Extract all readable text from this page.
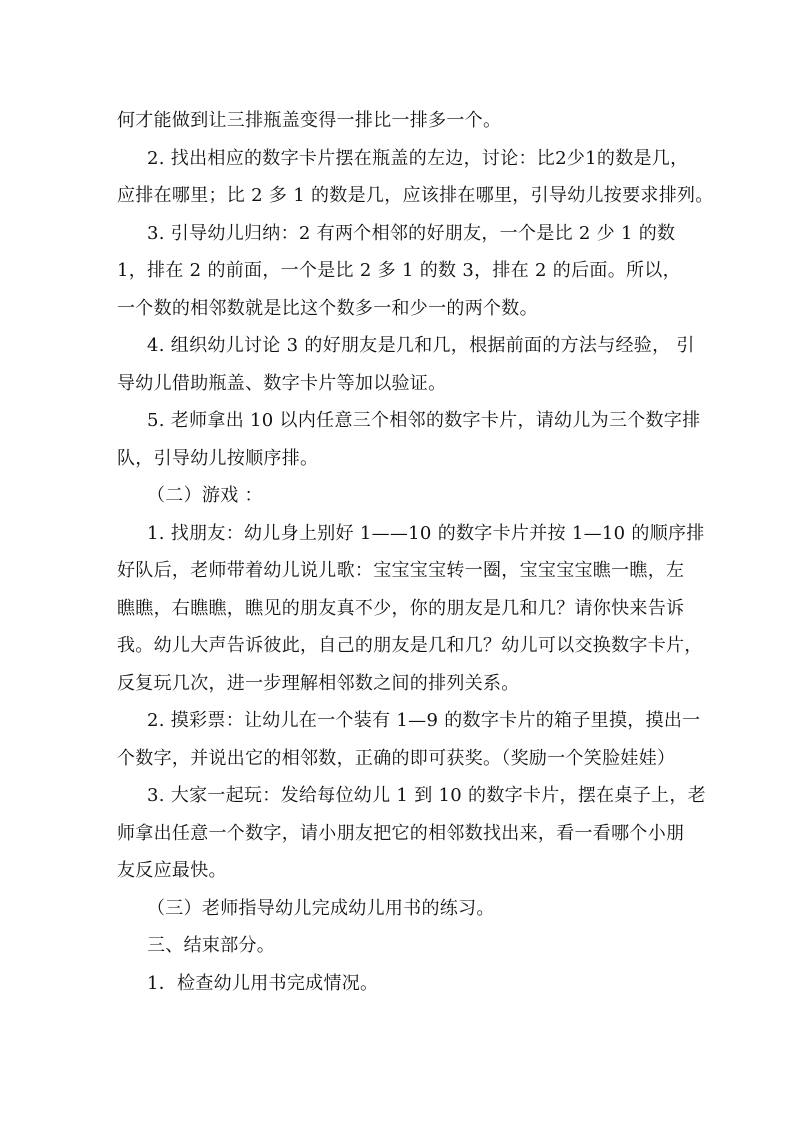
何才能做到让三排瓶盖变得一排比一排多一个。

2. 找出相应的数字卡片摆在瓶盖的左边，讨论：比2少1的数是几，

应排在哪里；比 2 多 1 的数是几，应该排在哪里，引导幼儿按要求排列。

3. 引导幼儿归纳：2 有两个相邻的好朋友，一个是比 2 少 1 的数

1，排在 2 的前面，一个是比 2 多 1 的数 3，排在 2 的后面。所以，

一个数的相邻数就是比这个数多一和少一的两个数。

4. 组织幼儿讨论 3 的好朋友是几和几，根据前面的方法与经验， 引

导幼儿借助瓶盖、数字卡片等加以验证。

5. 老师拿出 10 以内任意三个相邻的数字卡片，请幼儿为三个数字排

队，引导幼儿按顺序排。

（二）游戏 ：

1. 找朋友：幼儿身上别好 1——10 的数字卡片并按 1—10 的顺序排

好队后，老师带着幼儿说儿歌：宝宝宝宝转一圈，宝宝宝宝瞧一瞧，左

瞧瞧，右瞧瞧，瞧见的朋友真不少，你的朋友是几和几？请你快来告诉

我。幼儿大声告诉彼此，自己的朋友是几和几？幼儿可以交换数字卡片，

反复玩几次，进一步理解相邻数之间的排列关系。

2. 摸彩票：让幼儿在一个装有 1—9 的数字卡片的箱子里摸，摸出一

个数字，并说出它的相邻数，正确的即可获奖。（奖励一个笑脸娃娃）

3. 大家一起玩：发给每位幼儿 1 到 10 的数字卡片，摆在桌子上，老

师拿出任意一个数字，请小朋友把它的相邻数找出来，看一看哪个小朋

友反应最快。

（三）老师指导幼儿完成幼儿用书的练习。

三、结束部分。

1．检查幼儿用书完成情况。
